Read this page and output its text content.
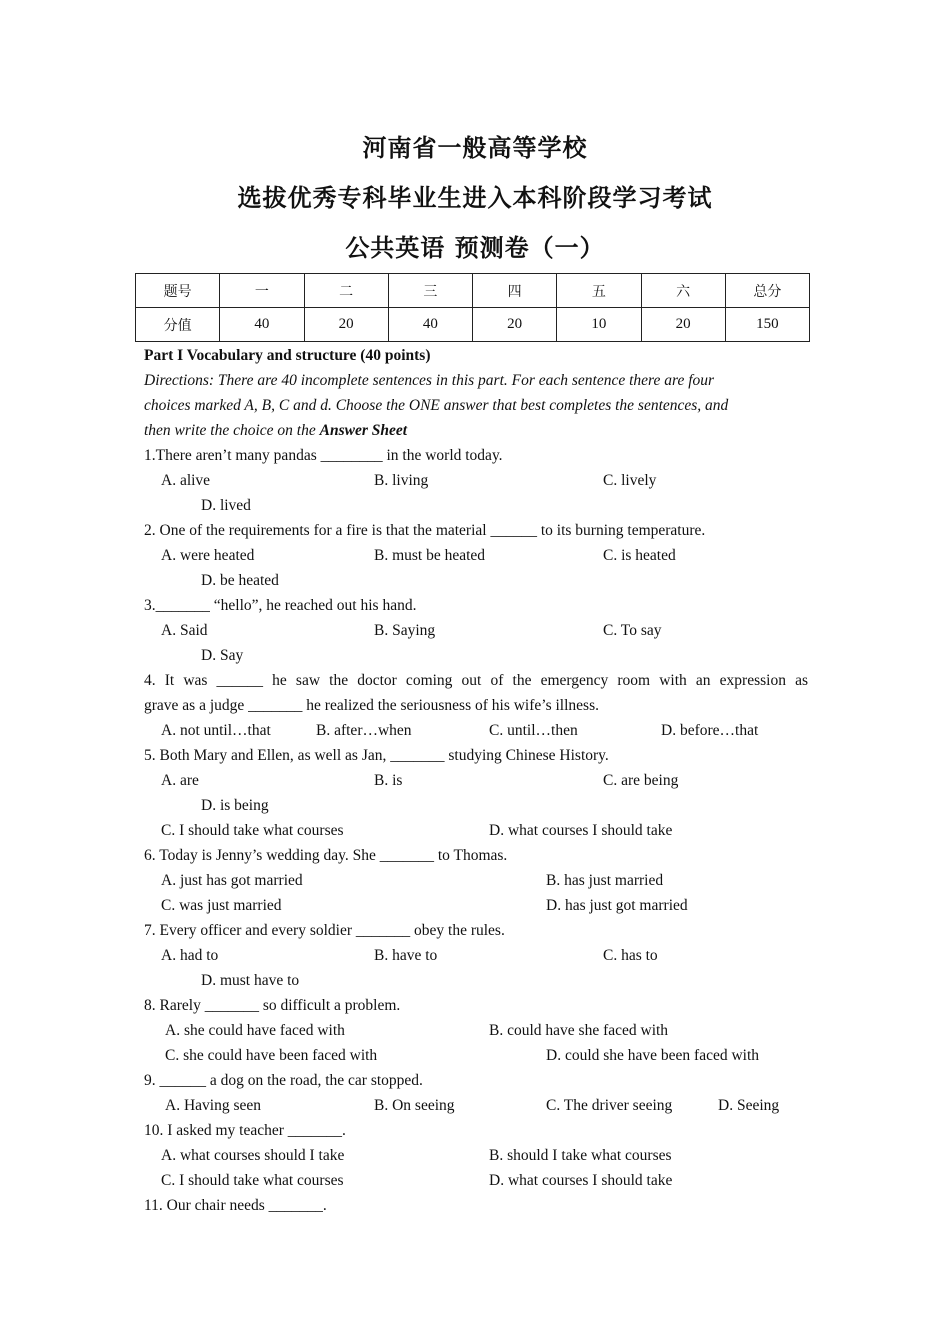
河南省一般高等学校
选拔优秀专科毕业生进入本科阶段学习考试
公共英语 预测卷（一）
题号	一	二	三	四	五	六	总分
分值	40	20	40	20	10	20	150
Part I Vocabulary and structure (40 points)
Directions: There are 40 incomplete sentences in this part. For each sentence there are four
choices marked A, B, C and d. Choose the ONE answer that best completes the sentences, and
then write the choice on the Answer Sheet
1.There aren’t many pandas ________ in the world today.
A. alive	B. living	C. lively
D. lived
2. One of the requirements for a fire is that the material ______ to its burning temperature.
A. were heated	B. must be heated	C. is heated
D. be heated
3._______ “hello”, he reached out his hand.
A. Said	B. Saying	C. To say
D. Say
4. It was ______ he saw the doctor coming out of the emergency room with an expression as
grave as a judge _______ he realized the seriousness of his wife’s illness.
A. not until…that	B. after…when	C. until…then	D. before…that
5. Both Mary and Ellen, as well as Jan, _______ studying Chinese History.
A. are	B. is	C. are being
D. is being
C. I should take what courses	D. what courses I should take
6. Today is Jenny’s wedding day. She _______ to Thomas.
A. just has got married	B. has just married
C. was just married	D. has just got married
7. Every officer and every soldier _______ obey the rules.
A. had to	B. have to	C. has to
D. must have to
8. Rarely _______ so difficult a problem.
A. she could have faced with	B. could have she faced with
C. she could have been faced with	D. could she have been faced with
9. ______ a dog on the road, the car stopped.
A. Having seen	B. On seeing	C. The driver seeing	D. Seeing
10. I asked my teacher _______.
A. what courses should I take	B. should I take what courses
C. I should take what courses	D. what courses I should take
11. Our chair needs _______.
